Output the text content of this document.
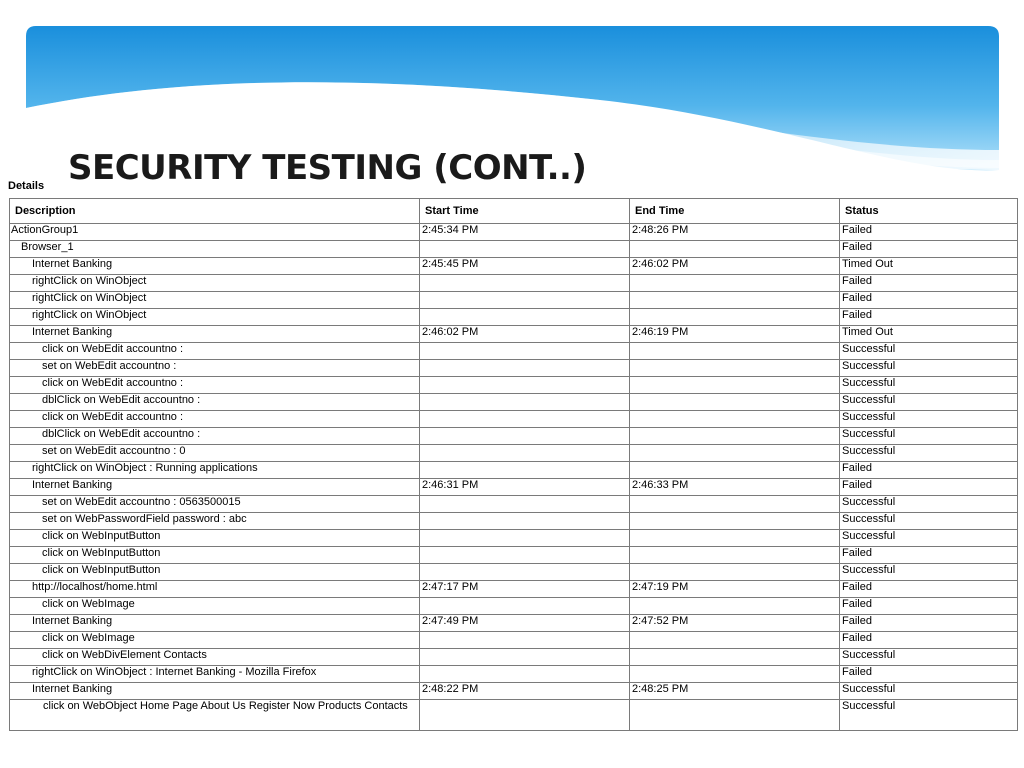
SECURITY TESTING (CONT..)
Details
Description	Start Time	End Time	Status
ActionGroup1	2:45:34 PM	2:48:26 PM	Failed
Browser_1			Failed
Internet Banking	2:45:45 PM	2:46:02 PM	Timed Out
rightClick on WinObject			Failed
rightClick on WinObject			Failed
rightClick on WinObject			Failed
Internet Banking	2:46:02 PM	2:46:19 PM	Timed Out
click on WebEdit accountno :			Successful
set on WebEdit accountno :			Successful
click on WebEdit accountno :			Successful
dblClick on WebEdit accountno :			Successful
click on WebEdit accountno :			Successful
dblClick on WebEdit accountno :			Successful
set on WebEdit accountno : 0			Successful
rightClick on WinObject : Running applications			Failed
Internet Banking	2:46:31 PM	2:46:33 PM	Failed
set on WebEdit accountno : 0563500015			Successful
set on WebPasswordField password : abc			Successful
click on WebInputButton			Successful
click on WebInputButton			Failed
click on WebInputButton			Successful
http://localhost/home.html	2:47:17 PM	2:47:19 PM	Failed
click on WebImage			Failed
Internet Banking	2:47:49 PM	2:47:52 PM	Failed
click on WebImage			Failed
click on WebDivElement Contacts			Successful
rightClick on WinObject : Internet Banking - Mozilla Firefox			Failed
Internet Banking	2:48:22 PM	2:48:25 PM	Successful
click on WebObject Home Page About Us Register Now Products Contacts			Successful
